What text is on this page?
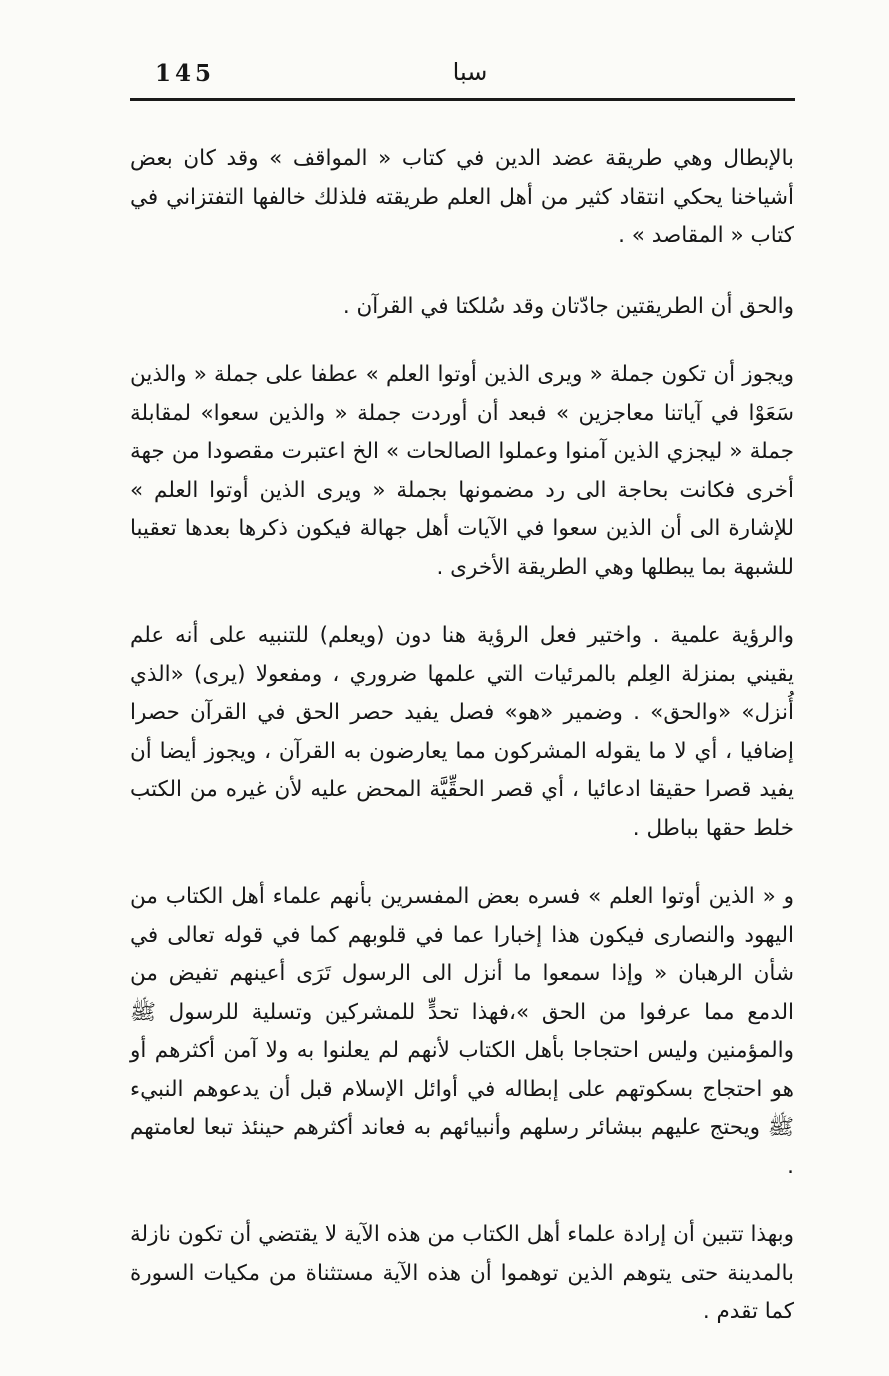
145	سبا

بالإبطال وهي طريقة عضد الدين في كتاب « المواقف » وقد كان بعض أشياخنا يحكي انتقاد كثير من أهل العلم طريقته فلذلك خالفها التفتزاني في كتاب « المقاصد » .

والحق أن الطريقتين جادّتان وقد سُلكتا في القرآن .

ويجوز أن تكون جملة « ويرى الذين أوتوا العلم » عطفا على جملة « والذين سَعَوْا في آياتنا معاجزين » فبعد أن أوردت جملة « والذين سعوا» لمقابلة جملة « ليجزي الذين آمنوا وعملوا الصالحات » الخ اعتبرت مقصودا من جهة أخرى فكانت بحاجة الى رد مضمونها بجملة « ويرى الذين أوتوا العلم » للإشارة الى أن الذين سعوا في الآيات أهل جهالة فيكون ذكرها بعدها تعقيبا للشبهة بما يبطلها وهي الطريقة الأخرى .

والرؤية علمية . واختير فعل الرؤية هنا دون (ويعلم) للتنبيه على أنه علم يقيني بمنزلة العِلم بالمرئيات التي علمها ضروري ، ومفعولا (يرى) «الذي أُنزل» «والحق» . وضمير «هو» فصل يفيد حصر الحق في القرآن حصرا إضافيا ، أي لا ما يقوله المشركون مما يعارضون به القرآن ، ويجوز أيضا أن يفيد قصرا حقيقا ادعائيا ، أي قصر الحقِّيَّة المحض عليه لأن غيره من الكتب خلط حقها بباطل .

و « الذين أوتوا العلم » فسره بعض المفسرين بأنهم علماء أهل الكتاب من اليهود والنصارى فيكون هذا إخبارا عما في قلوبهم كما في قوله تعالى في شأن الرهبان « وإذا سمعوا ما أنزل الى الرسول تَرَى أعينهم تفيض من الدمع مما عرفوا من الحق »،فهذا تحدٍّ للمشركين وتسلية للرسول ﷺ والمؤمنين وليس احتجاجا بأهل الكتاب لأنهم لم يعلنوا به ولا آمن أكثرهم أو هو احتجاج بسكوتهم على إبطاله في أوائل الإسلام قبل أن يدعوهم النبيء ﷺ ويحتج عليهم ببشائر رسلهم وأنبيائهم به فعاند أكثرهم حينئذ تبعا لعامتهم .

وبهذا تتبين أن إرادة علماء أهل الكتاب من هذه الآية لا يقتضي أن تكون نازلة بالمدينة حتى يتوهم الذين توهموا أن هذه الآية مستثناة من مكيات السورة كما تقدم .
